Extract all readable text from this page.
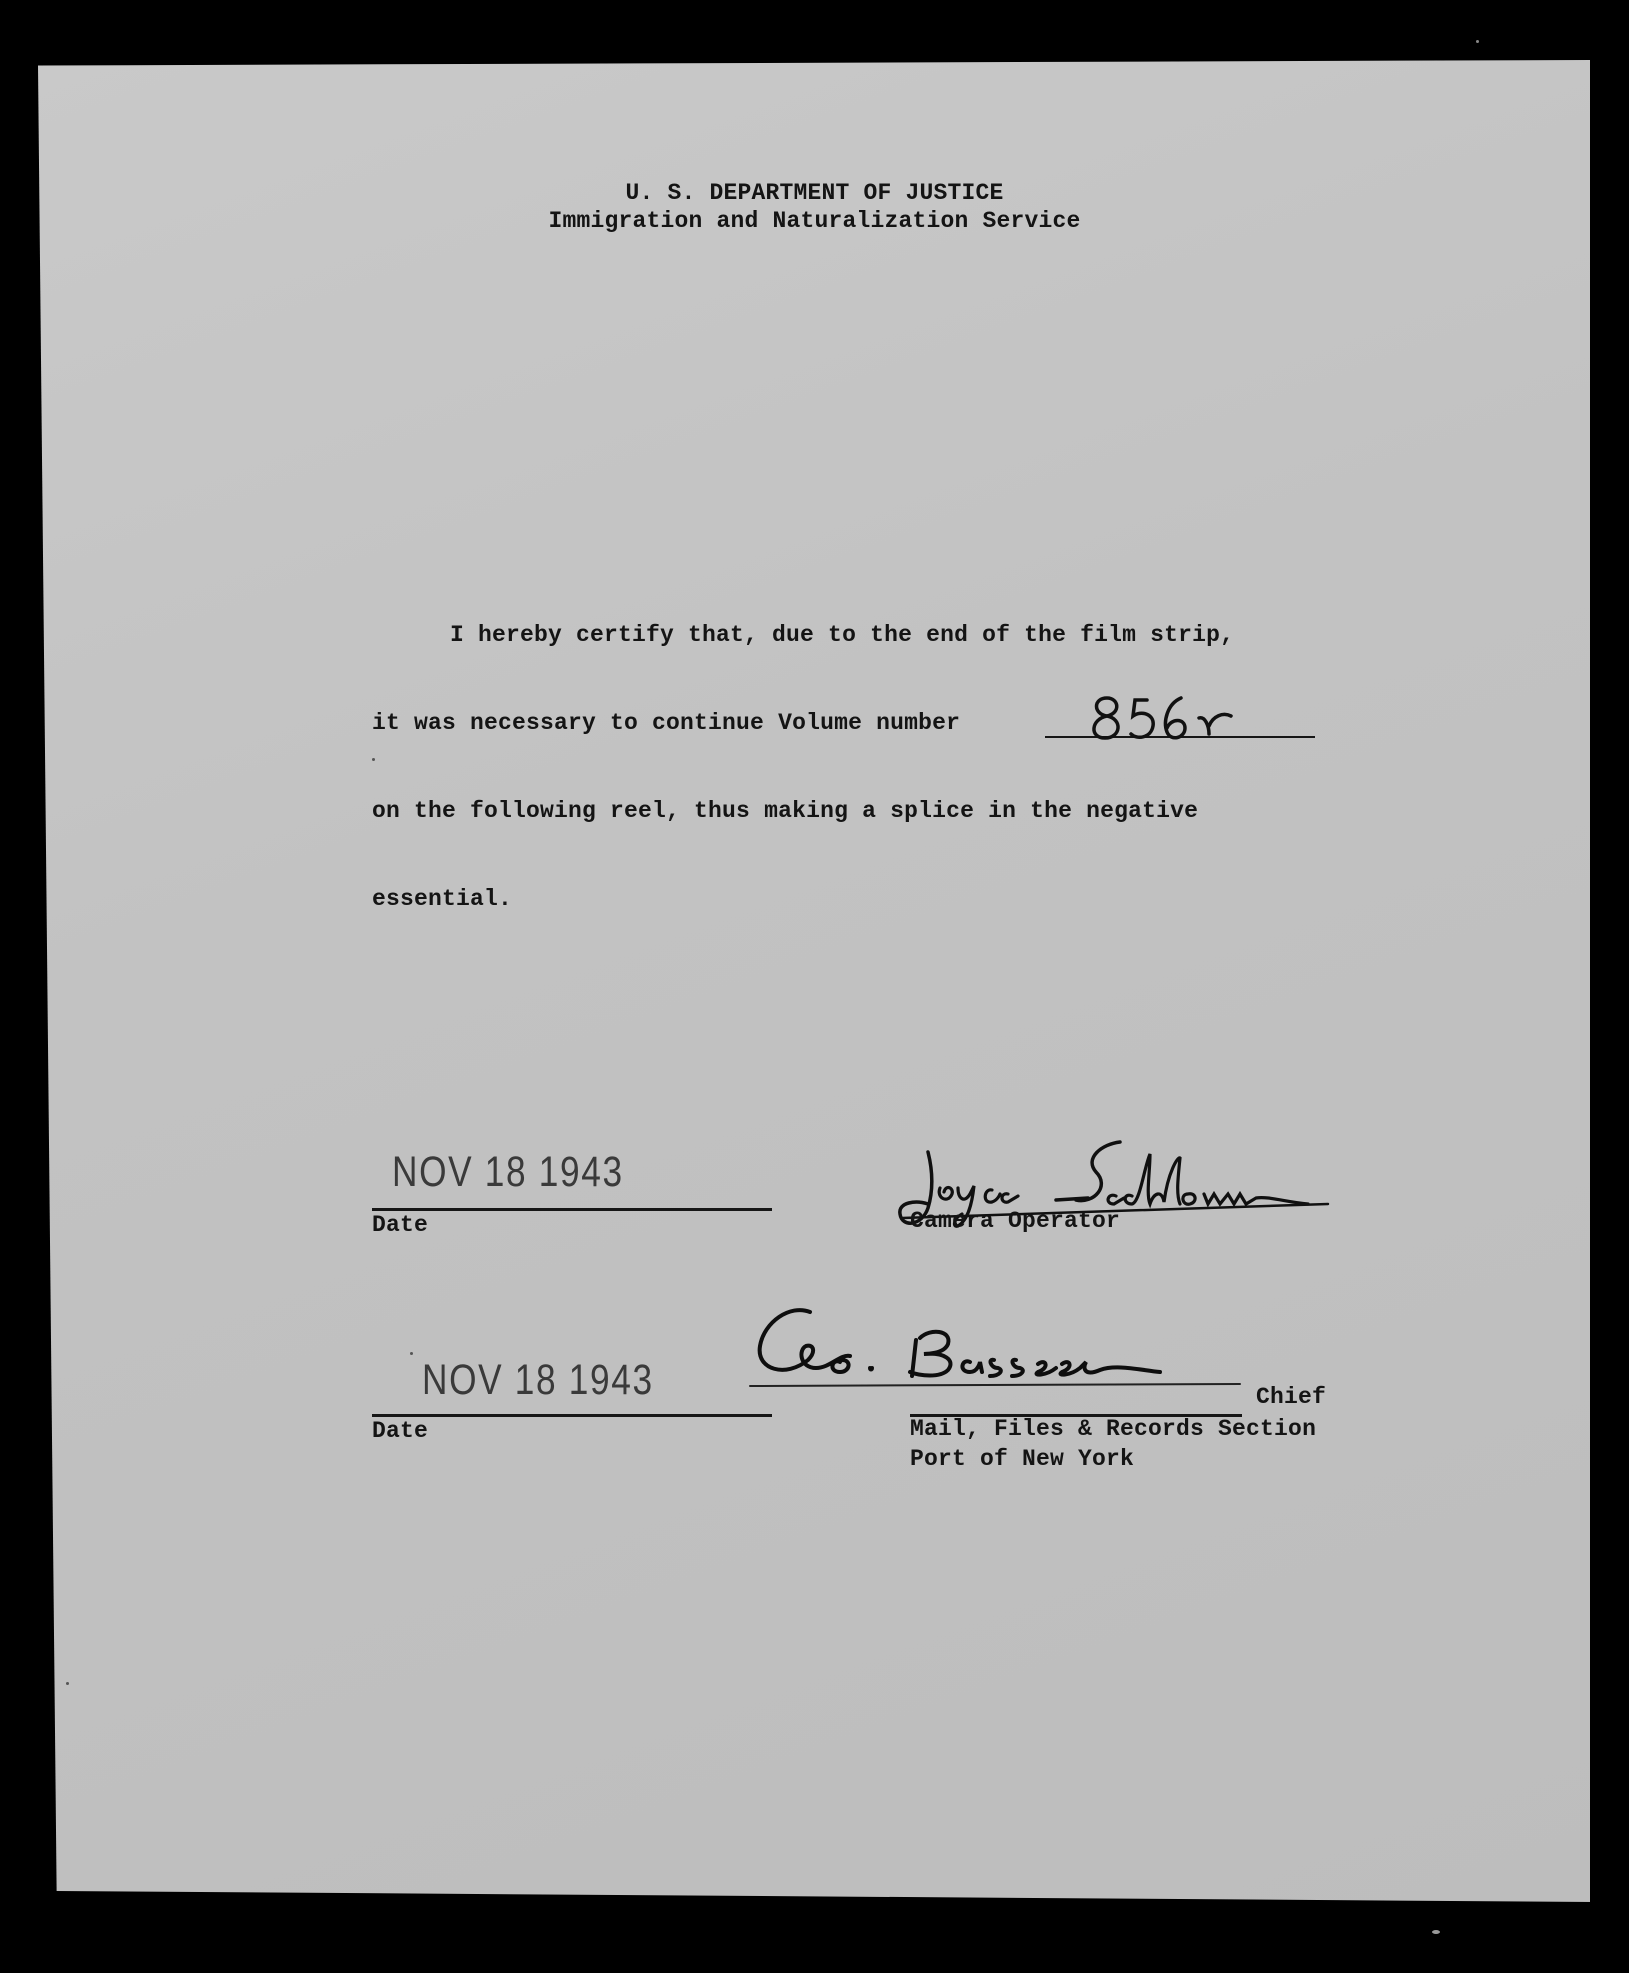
U. S. DEPARTMENT OF JUSTICE
Immigration and Naturalization Service
I hereby certify that, due to the end of the film strip,
it was necessary to continue Volume number
on the following reel, thus making a splice in the negative
essential.
NOV 18 1943
Date	Camera Operator
NOV 18 1943
Date
Chief
Mail, Files & Records Section
Port of New York
